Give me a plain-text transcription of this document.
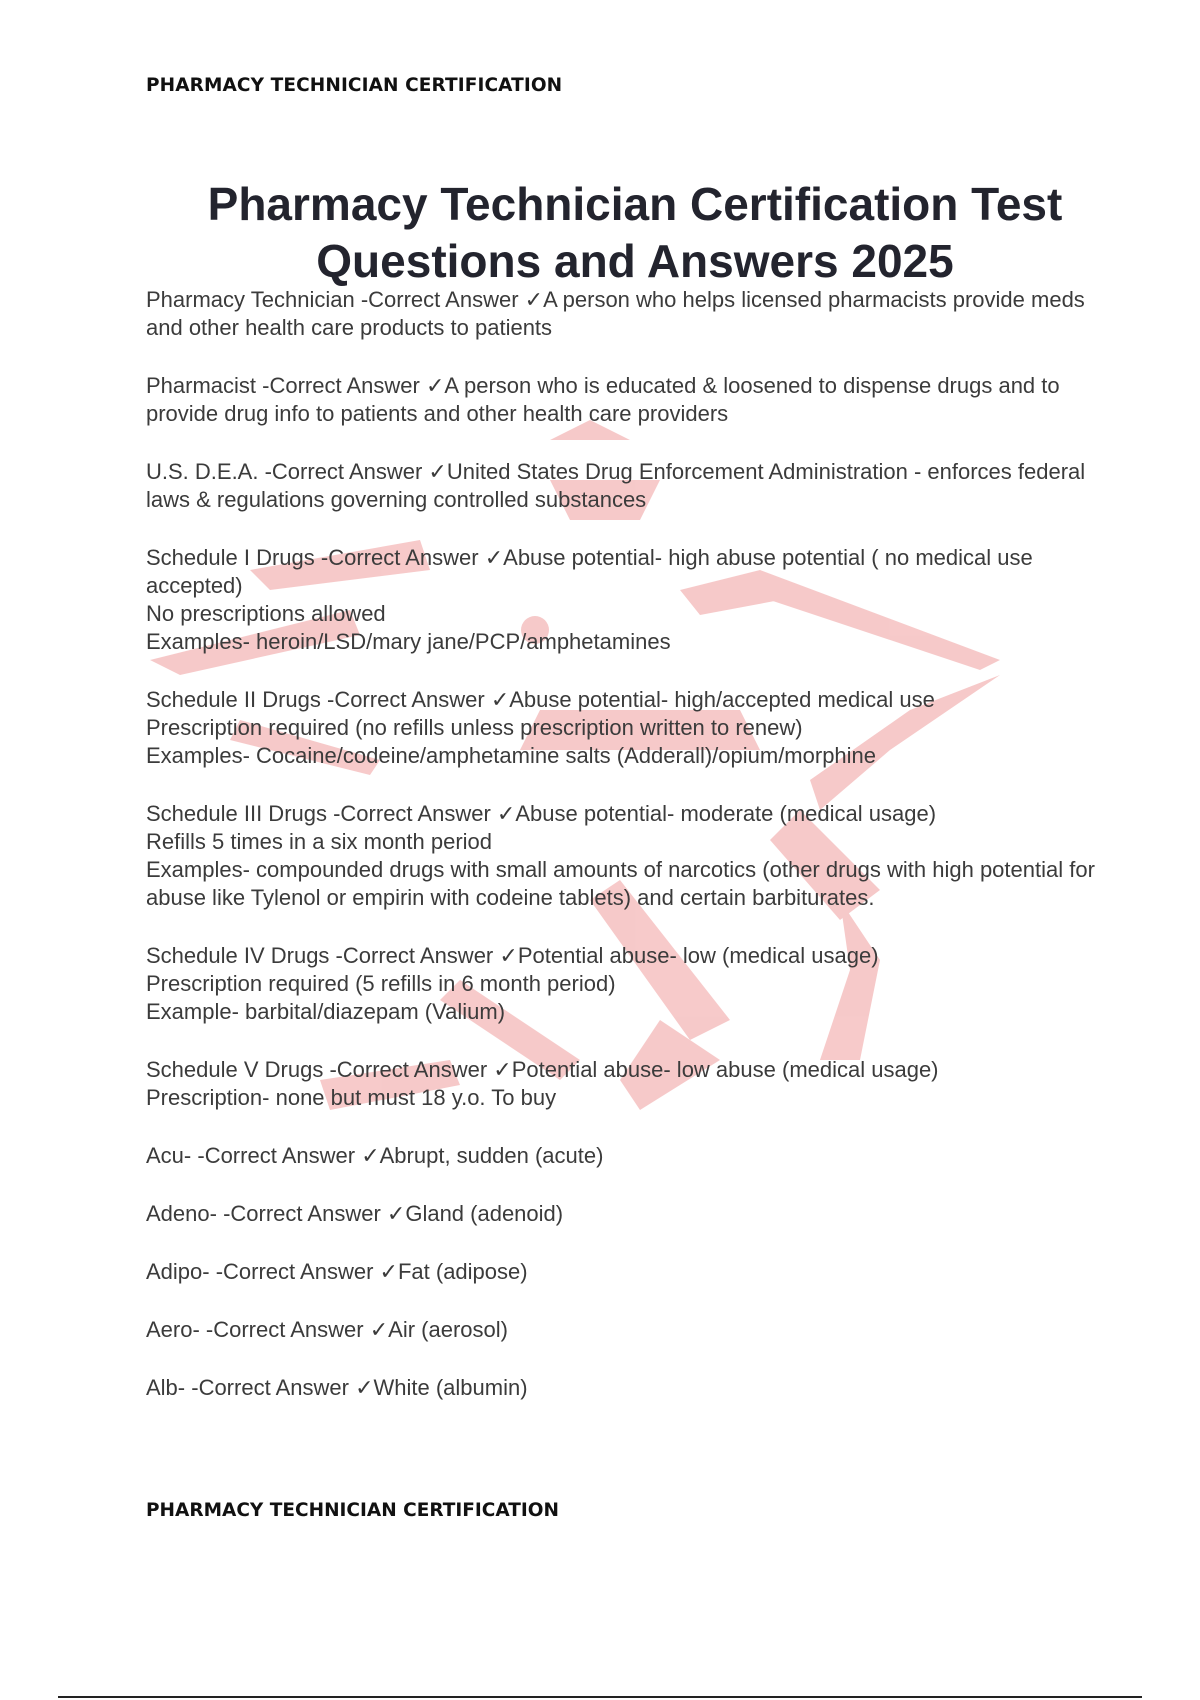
PHARMACY TECHNICIAN CERTIFICATION
Pharmacy Technician Certification Test Questions and Answers 2025
Pharmacy Technician -Correct Answer ✓A person who helps licensed pharmacists provide meds and other health care products to patients
Pharmacist -Correct Answer ✓A person who is educated & loosened to dispense drugs and to provide drug info to patients and other health care providers
U.S. D.E.A. -Correct Answer ✓United States Drug Enforcement Administration - enforces federal laws & regulations governing controlled substances
Schedule I Drugs -Correct Answer ✓Abuse potential- high abuse potential ( no medical use accepted)
No prescriptions allowed
Examples- heroin/LSD/mary jane/PCP/amphetamines
Schedule II Drugs -Correct Answer ✓Abuse potential- high/accepted medical use
Prescription required (no refills unless prescription written to renew)
Examples- Cocaine/codeine/amphetamine salts (Adderall)/opium/morphine
Schedule III Drugs -Correct Answer ✓Abuse potential- moderate (medical usage)
Refills 5 times in a six month period
Examples- compounded drugs with small amounts of narcotics (other drugs with high potential for abuse like Tylenol or empirin with codeine tablets) and certain barbiturates.
Schedule IV Drugs -Correct Answer ✓Potential abuse- low (medical usage)
Prescription required (5 refills in 6 month period)
Example- barbital/diazepam (Valium)
Schedule V Drugs -Correct Answer ✓Potential abuse- low abuse (medical usage)
Prescription- none but must 18 y.o. To buy
Acu- -Correct Answer ✓Abrupt, sudden (acute)
Adeno- -Correct Answer ✓Gland (adenoid)
Adipo- -Correct Answer ✓Fat (adipose)
Aero- -Correct Answer ✓Air (aerosol)
Alb- -Correct Answer ✓White (albumin)
PHARMACY TECHNICIAN CERTIFICATION
